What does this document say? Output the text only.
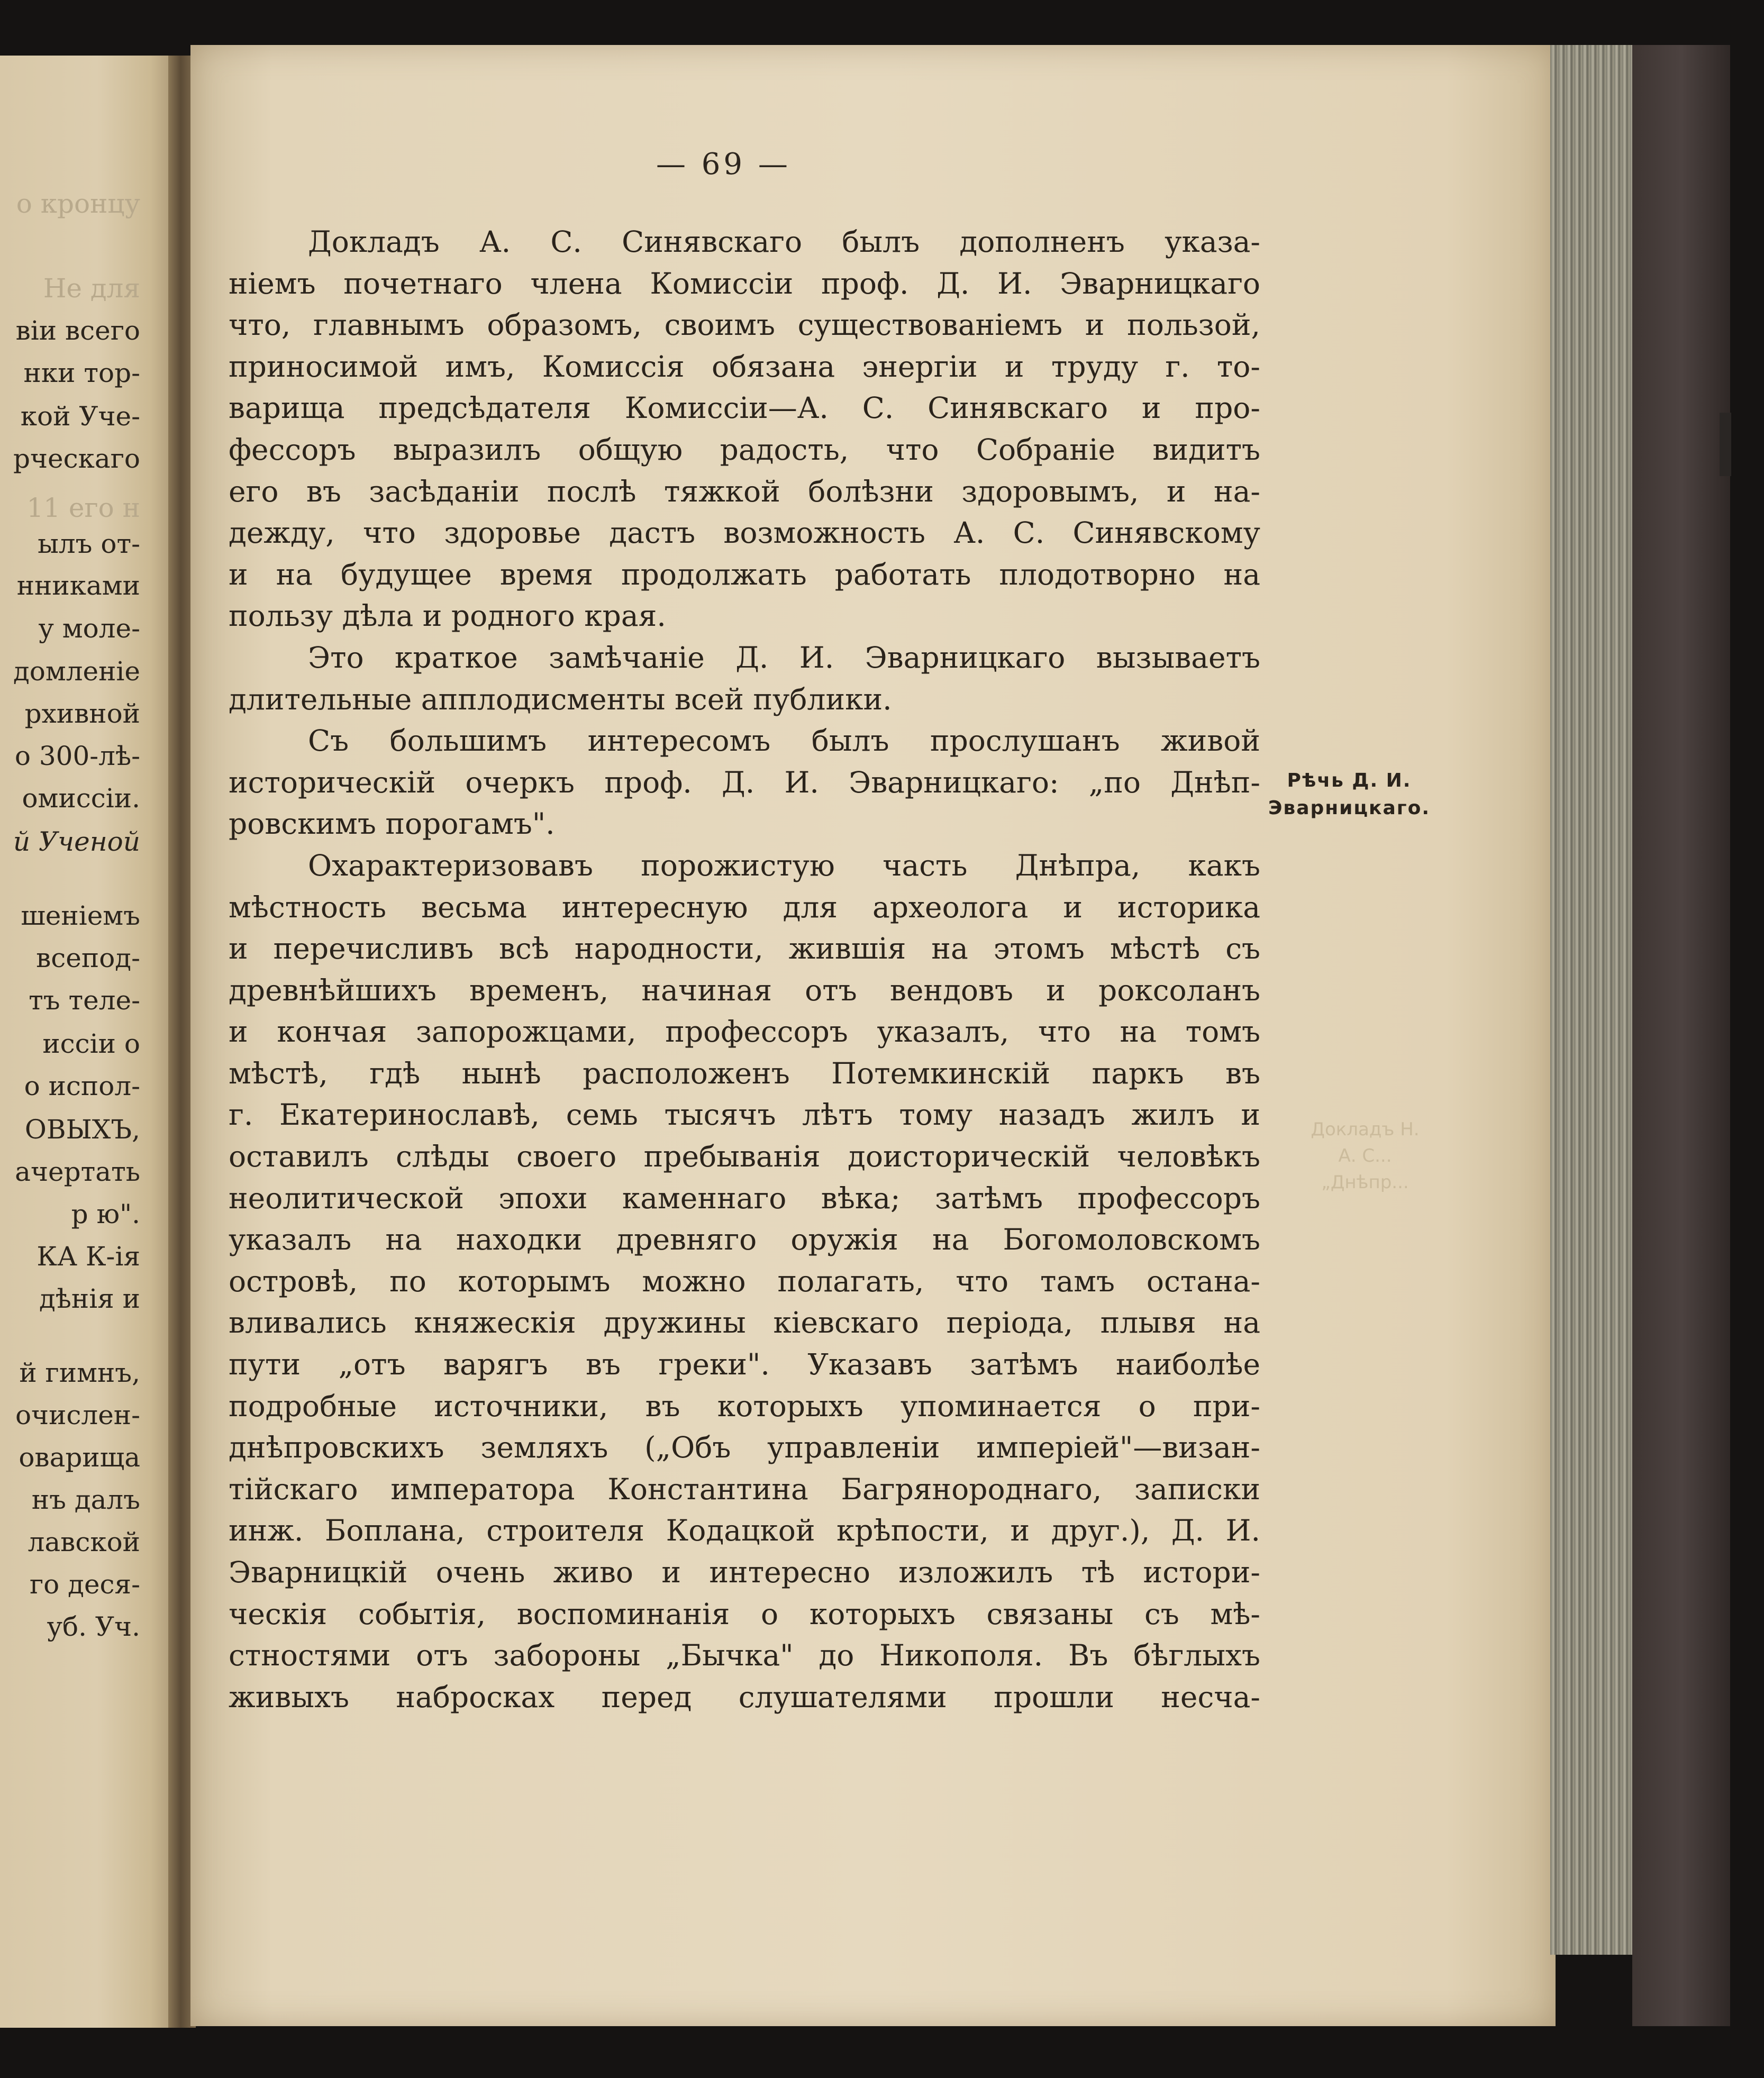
о кронцу
Не для
вiи всего
нки тор-
кой Уче-
рческаго
11 его н
ылъ от-
нниками
у моле-
домленiе
рхивной
о 300-лѣ-
омиссiи.
й Ученой
шенiемъ
всепод-
тъ теле-
иссiи о
о испол-
ОВЫХЪ,
ачертать
р ю".
КА К-iя
дѣнiя и
й гимнъ,
очислен-
оварища
нъ далъ
лавской
го деся-
уб. Уч.
— 69 —
Докладъ А. С. Синявскаго былъ дополненъ указа-
нiемъ почетнаго члена Комиссiи проф. Д. И. Эварницкаго
что, главнымъ образомъ, своимъ существованiемъ и пользой,
приносимой имъ, Комиссiя обязана энергiи и труду г. то-
варища предсѣдателя Комиссiи—А. С. Синявскаго и про-
фессоръ выразилъ общую радость, что Собранiе видитъ
его въ засѣданiи послѣ тяжкой болѣзни здоровымъ, и на-
дежду, что здоровье дастъ возможность А. С. Синявскому
и на будущее время продолжать работать плодотворно на
пользу дѣла и родного края.
Это краткое замѣчанiе Д. И. Эварницкаго вызываетъ
длительные апплодисменты всей публики.
Съ большимъ интересомъ былъ прослушанъ живой
историческiй очеркъ проф. Д. И. Эварницкаго: „по Днѣп-
ровскимъ порогамъ".
Охарактеризовавъ порожистую часть Днѣпра, какъ
мѣстность весьма интересную для археолога и историка
и перечисливъ всѣ народности, жившiя на этомъ мѣстѣ съ
древнѣйшихъ временъ, начиная отъ вендовъ и роксоланъ
и кончая запорожцами, профессоръ указалъ, что на томъ
мѣстѣ, гдѣ нынѣ расположенъ Потемкинскiй паркъ въ
г. Екатеринославѣ, семь тысячъ лѣтъ тому назадъ жилъ и
оставилъ слѣды своего пребыванiя доисторическiй человѣкъ
неолитической эпохи каменнаго вѣка; затѣмъ профессоръ
указалъ на находки древняго оружiя на Богомоловскомъ
островѣ, по которымъ можно полагать, что тамъ остана-
вливались княжескiя дружины кiевскаго перiода, плывя на
пути „отъ варягъ въ греки". Указавъ затѣмъ наиболѣе
подробные источники, въ которыхъ упоминается о при-
днѣпровскихъ земляхъ („Объ управленiи имперiей"—визан-
тiйскаго императора Константина Багрянороднаго, записки
инж. Боплана, строителя Кодацкой крѣпости, и друг.), Д. И.
Эварницкiй очень живо и интересно изложилъ тѣ истори-
ческiя событiя, воспоминанiя о которыхъ связаны съ мѣ-
стностями отъ забороны „Бычка" до Никополя. Въ бѣглыхъ
живыхъ набросках перед слушателями прошли несча-
Рѣчь Д. И.
Эварницкаго.
Докладъ Н.
А. С...
„Днѣпр...
